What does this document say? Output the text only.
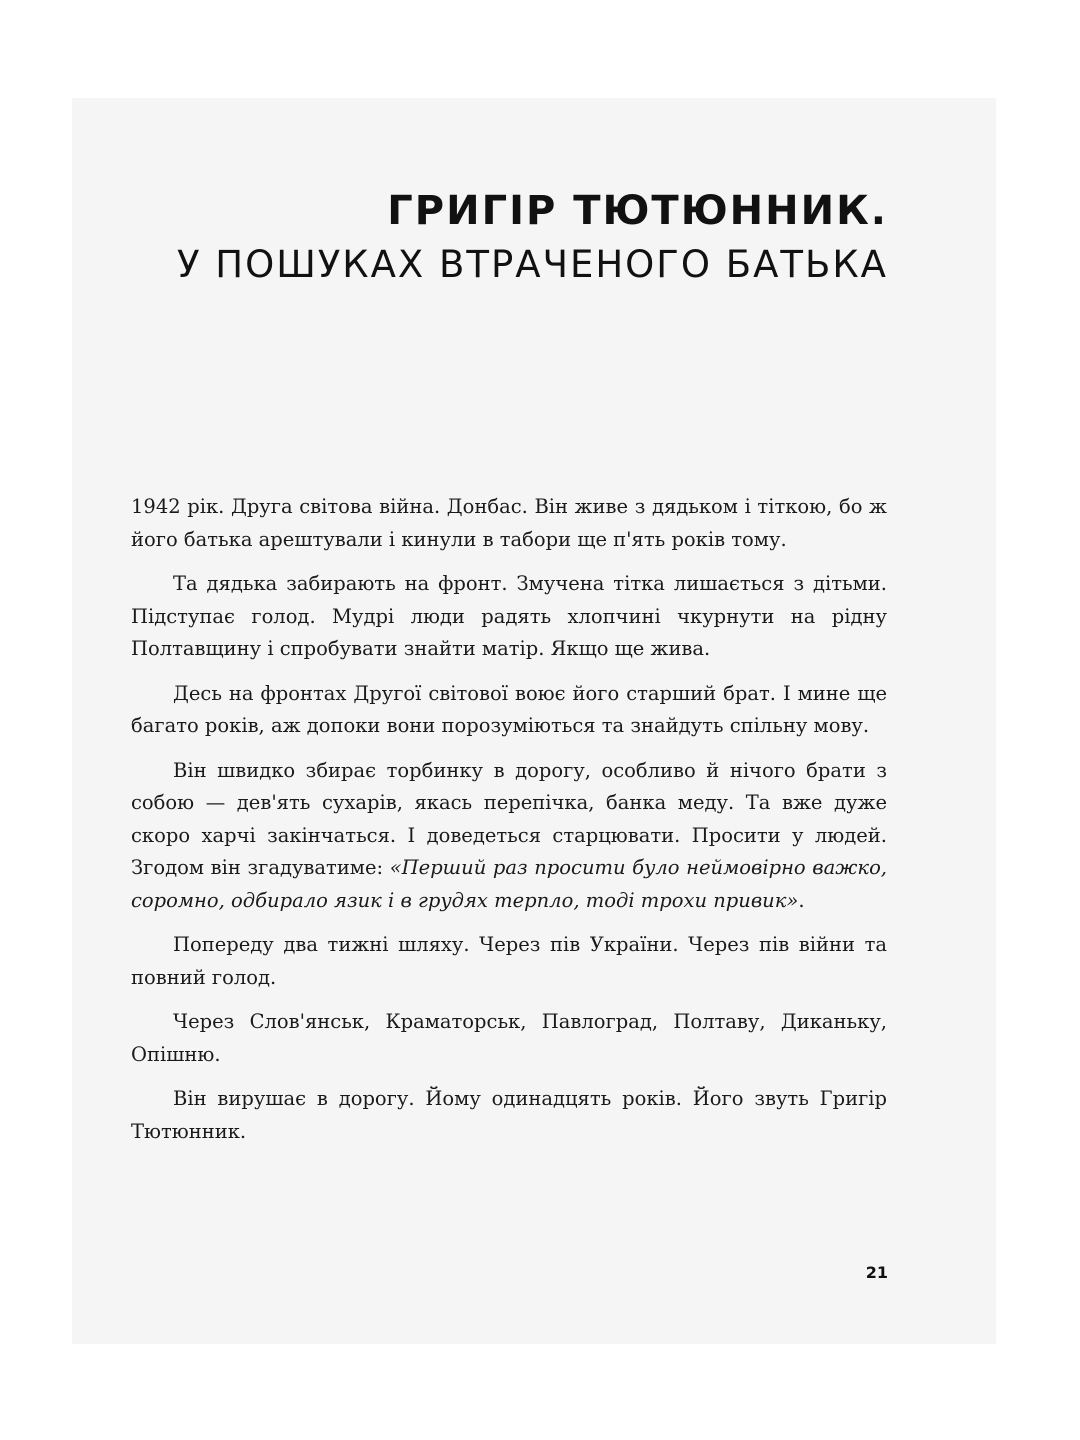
ГРИГІР ТЮТЮННИК.
У ПОШУКАХ ВТРАЧЕНОГО БАТЬКА

1942 рік. Друга світова війна. Донбас. Він живе з дядьком і тіткою, бо ж його батька арештували і кинули в табори ще п'ять років тому.

Та дядька забирають на фронт. Змучена тітка лишається з дітьми. Підступає голод. Мудрі люди радять хлопчині чкурнути на рідну Полтавщину і спробувати знайти матір. Якщо ще жива.

Десь на фронтах Другої світової воює його старший брат. І мине ще багато років, аж допоки вони порозуміються та знайдуть спільну мову.

Він швидко збирає торбинку в дорогу, особливо й нічого брати з собою — дев'ять сухарів, якась перепічка, банка меду. Та вже дуже скоро харчі закінчаться. І доведеться старцювати. Просити у людей. Згодом він згадуватиме: «Перший раз просити було неймовірно важко, соромно, одбирало язик і в грудях терпло, тоді трохи привик».

Попереду два тижні шляху. Через пів України. Через пів війни та повний голод.

Через Слов'янськ, Краматорськ, Павлоград, Полтаву, Диканьку, Опішню.

Він вирушає в дорогу. Йому одинадцять років. Його звуть Григір Тютюнник.

21
